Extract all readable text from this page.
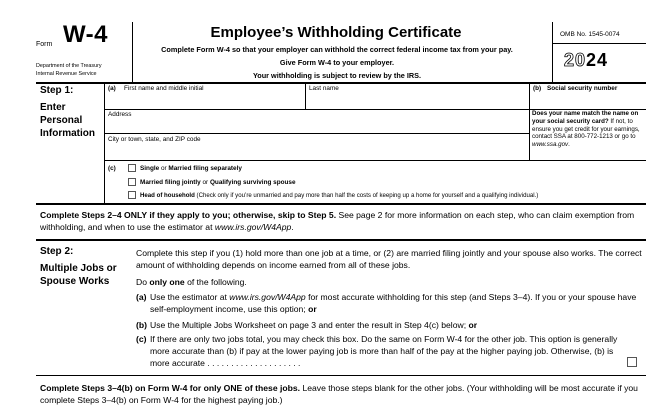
Form W-4
Department of the Treasury
Internal Revenue Service
Employee’s Withholding Certificate
Complete Form W-4 so that your employer can withhold the correct federal income tax from your pay.
Give Form W-4 to your employer.
Your withholding is subject to review by the IRS.
OMB No. 1545-0074
2024
Step 1:
Enter Personal Information
(a) First name and middle initial	Last name	(b) Social security number
Address
City or town, state, and ZIP code
Does your name match the name on your social security card? If not, to ensure you get credit for your earnings, contact SSA at 800-772-1213 or go to www.ssa.gov.
(c)	Single or Married filing separately
Married filing jointly or Qualifying surviving spouse
Head of household (Check only if you’re unmarried and pay more than half the costs of keeping up a home for yourself and a qualifying individual.)
Complete Steps 2–4 ONLY if they apply to you; otherwise, skip to Step 5. See page 2 for more information on each step, who can claim exemption from withholding, and when to use the estimator at www.irs.gov/W4App.
Step 2:
Multiple Jobs or Spouse Works
Complete this step if you (1) hold more than one job at a time, or (2) are married filing jointly and your spouse also works. The correct amount of withholding depends on income earned from all of these jobs.
Do only one of the following.
(a) Use the estimator at www.irs.gov/W4App for most accurate withholding for this step (and Steps 3–4). If you or your spouse have self-employment income, use this option; or
(b) Use the Multiple Jobs Worksheet on page 3 and enter the result in Step 4(c) below; or
(c) If there are only two jobs total, you may check this box. Do the same on Form W-4 for the other job. This option is generally more accurate than (b) if pay at the lower paying job is more than half of the pay at the higher paying job. Otherwise, (b) is more accurate . . . . . . . . . . . . . . . . . . . .
Complete Steps 3–4(b) on Form W-4 for only ONE of these jobs. Leave those steps blank for the other jobs. (Your withholding will be most accurate if you complete Steps 3–4(b) on Form W-4 for the highest paying job.)
